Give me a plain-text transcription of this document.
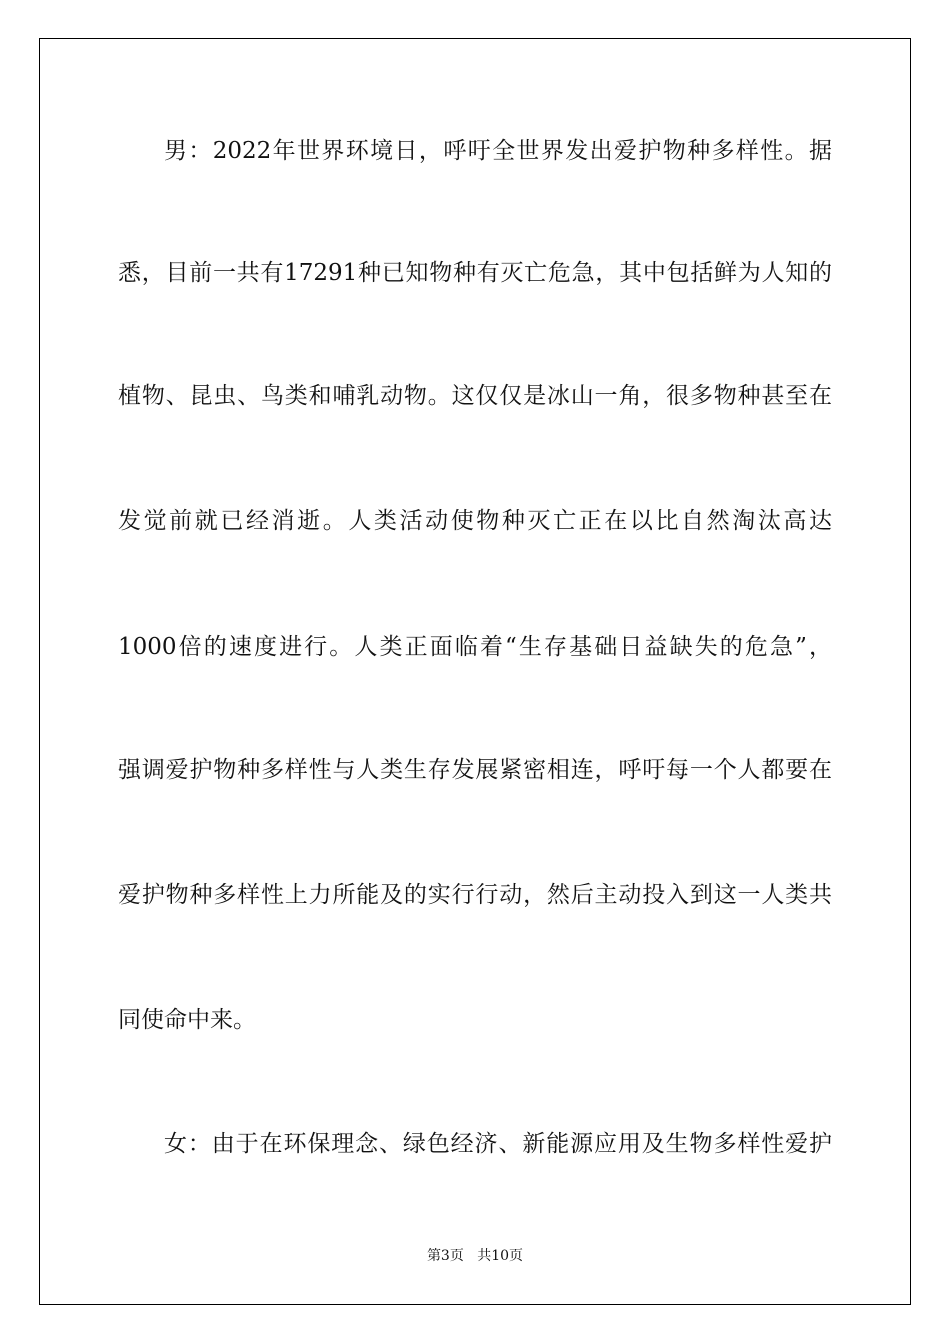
男：2022年世界环境日，呼吁全世界发出爱护物种多样性。据
悉，目前一共有17291种已知物种有灭亡危急，其中包括鲜为人知的
植物、昆虫、鸟类和哺乳动物。这仅仅是冰山一角，很多物种甚至在
发觉前就已经消逝。人类活动使物种灭亡正在以比自然淘汰高达
1000倍的速度进行。人类正面临着“生存基础日益缺失的危急”，
强调爱护物种多样性与人类生存发展紧密相连，呼吁每一个人都要在
爱护物种多样性上力所能及的实行行动，然后主动投入到这一人类共
同使命中来。
女：由于在环保理念、绿色经济、新能源应用及生物多样性爱护
第3页 共10页
